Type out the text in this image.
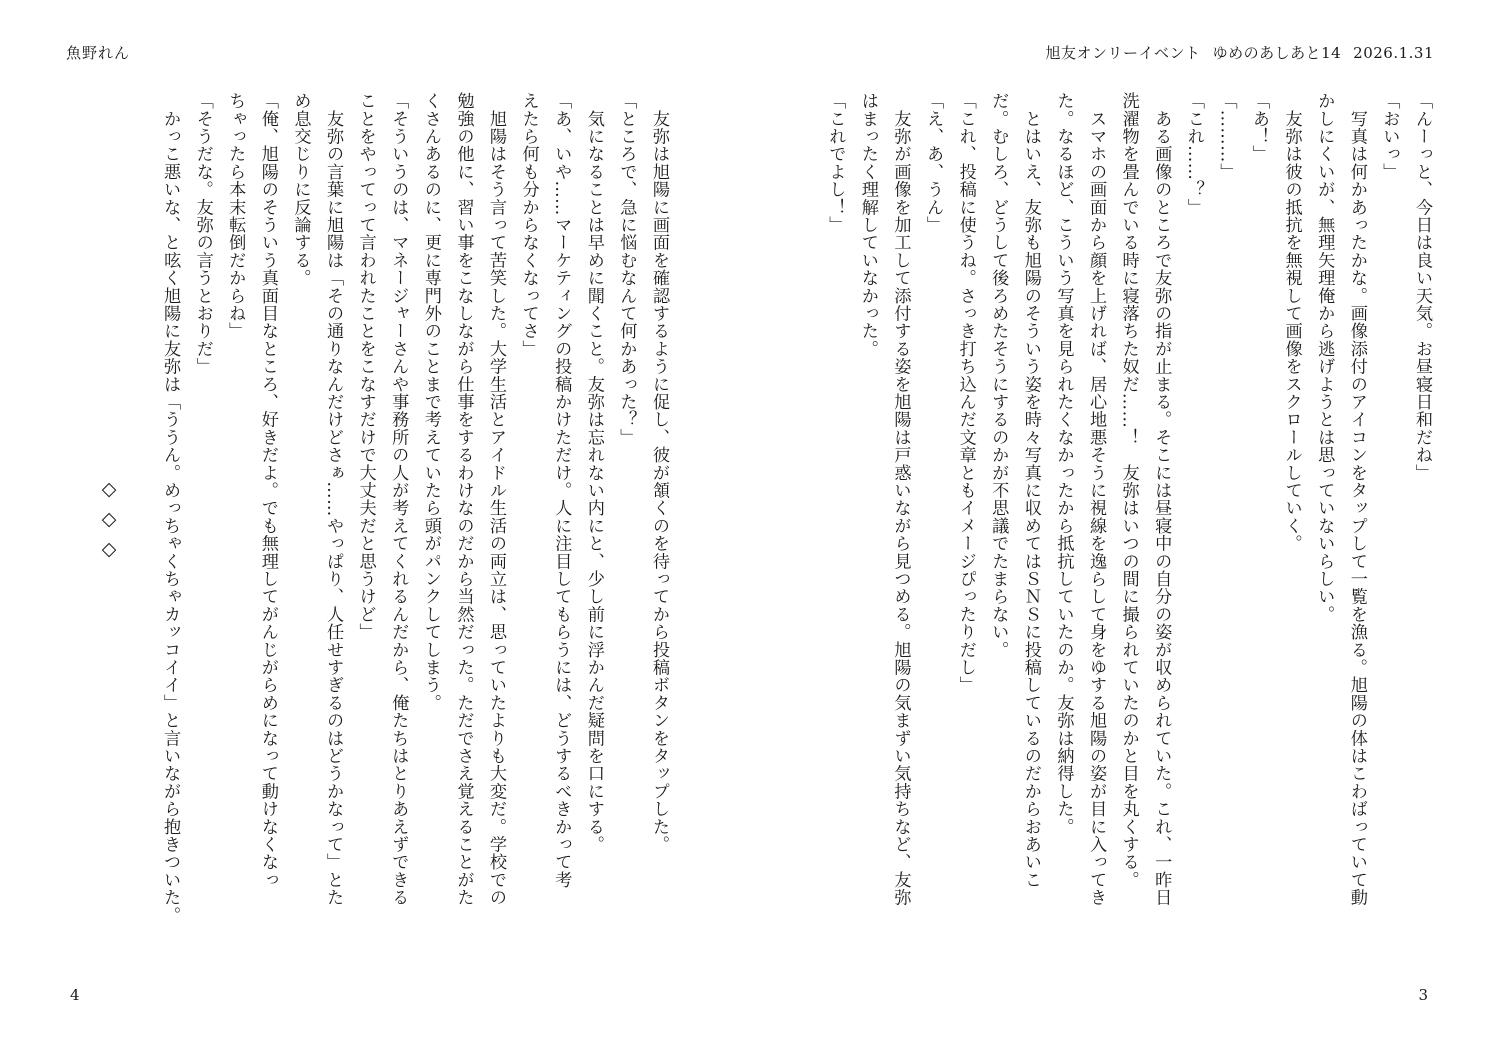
魚野れん	旭友オンリーイベント ゆめのあしあと14 2026.1.31

「んーっと、今日は良い天気。お昼寝日和だね」

「おいっ」

　写真は何かあったかな。画像添付のアイコンをタップして一覧を漁る。旭陽の体はこわばっていて動

かしにくいが、無理矢理俺から逃げようとは思っていないらしい。

　友弥は彼の抵抗を無視して画像をスクロールしていく。

「あ！」

「………」

「これ……？」

　ある画像のところで友弥の指が止まる。そこには昼寝中の自分の姿が収められていた。これ、一昨日

洗濯物を畳んでいる時に寝落ちた奴だ……！　友弥はいつの間に撮られていたのかと目を丸くする。

　スマホの画面から顔を上げれば、居心地悪そうに視線を逸らして身をゆする旭陽の姿が目に入ってき

た。なるほど、こういう写真を見られたくなかったから抵抗していたのか。友弥は納得した。

　とはいえ、友弥も旭陽のそういう姿を時々写真に収めてはＳＮＳに投稿しているのだからおあいこ

だ。むしろ、どうして後ろめたそうにするのかが不思議でたまらない。

「これ、投稿に使うね。さっき打ち込んだ文章ともイメージぴったりだし」

「え、あ、うん」

　友弥が画像を加工して添付する姿を旭陽は戸惑いながら見つめる。旭陽の気まずい気持ちなど、友弥

はまったく理解していなかった。

「これでよし！」

　友弥は旭陽に画面を確認するように促し、彼が頷くのを待ってから投稿ボタンをタップした。

「ところで、急に悩むなんて何かあった？」

　気になることは早めに聞くこと。友弥は忘れない内にと、少し前に浮かんだ疑問を口にする。

「あ、いや……マーケティングの投稿かけただけ。人に注目してもらうには、どうするべきかって考

えたら何も分からなくなってさ」

　旭陽はそう言って苦笑した。大学生活とアイドル生活の両立は、思っていたよりも大変だ。学校での

勉強の他に、習い事をこなしながら仕事をするわけなのだから当然だった。ただでさえ覚えることがた

くさんあるのに、更に専門外のことまで考えていたら頭がパンクしてしまう。

「そういうのは、マネージャーさんや事務所の人が考えてくれるんだから、俺たちはとりあえずできる

ことをやってって言われたことをこなすだけで大丈夫だと思うけど」

　友弥の言葉に旭陽は「その通りなんだけどさぁ……やっぱり、人任せすぎるのはどうかなって」とた

め息交じりに反論する。

「俺、旭陽のそういう真面目なところ、好きだよ。でも無理してがんじがらめになって動けなくなっ

ちゃったら本末転倒だからね」

「そうだな。友弥の言うとおりだ」

　かっこ悪いな、と呟く旭陽に友弥は「ううん。めっちゃくちゃカッコイイ」と言いながら抱きついた。

◇◇◇
4	3
